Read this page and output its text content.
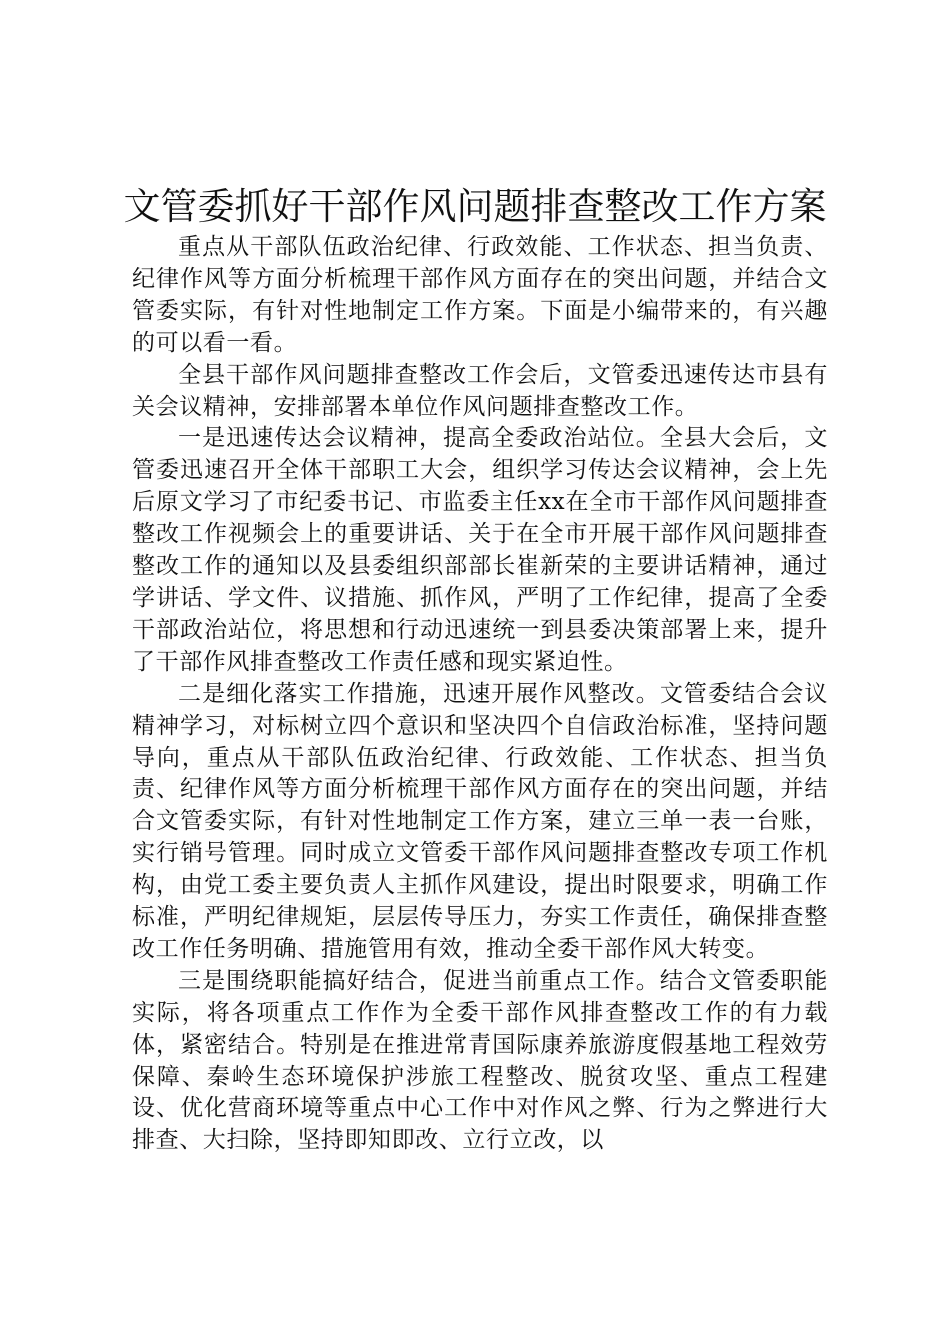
文管委抓好干部作风问题排查整改工作方案

重点从干部队伍政治纪律、行政效能、工作状态、担当负责、纪律作风等方面分析梳理干部作风方面存在的突出问题，并结合文管委实际，有针对性地制定工作方案。下面是小编带来的，有兴趣的可以看一看。

全县干部作风问题排查整改工作会后，文管委迅速传达市县有关会议精神，安排部署本单位作风问题排查整改工作。

一是迅速传达会议精神，提高全委政治站位。全县大会后，文管委迅速召开全体干部职工大会，组织学习传达会议精神，会上先后原文学习了市纪委书记、市监委主任xx在全市干部作风问题排查整改工作视频会上的重要讲话、关于在全市开展干部作风问题排查整改工作的通知以及县委组织部部长崔新荣的主要讲话精神，通过学讲话、学文件、议措施、抓作风，严明了工作纪律，提高了全委干部政治站位，将思想和行动迅速统一到县委决策部署上来，提升了干部作风排查整改工作责任感和现实紧迫性。

二是细化落实工作措施，迅速开展作风整改。文管委结合会议精神学习，对标树立四个意识和坚决四个自信政治标准，坚持问题导向，重点从干部队伍政治纪律、行政效能、工作状态、担当负责、纪律作风等方面分析梳理干部作风方面存在的突出问题，并结合文管委实际，有针对性地制定工作方案，建立三单一表一台账，实行销号管理。同时成立文管委干部作风问题排查整改专项工作机构，由党工委主要负责人主抓作风建设，提出时限要求，明确工作标准，严明纪律规矩，层层传导压力，夯实工作责任，确保排查整改工作任务明确、措施管用有效，推动全委干部作风大转变。

三是围绕职能搞好结合，促进当前重点工作。结合文管委职能实际，将各项重点工作作为全委干部作风排查整改工作的有力载体，紧密结合。特别是在推进常青国际康养旅游度假基地工程效劳保障、秦岭生态环境保护涉旅工程整改、脱贫攻坚、重点工程建设、优化营商环境等重点中心工作中对作风之弊、行为之弊进行大排查、大扫除，坚持即知即改、立行立改，以
